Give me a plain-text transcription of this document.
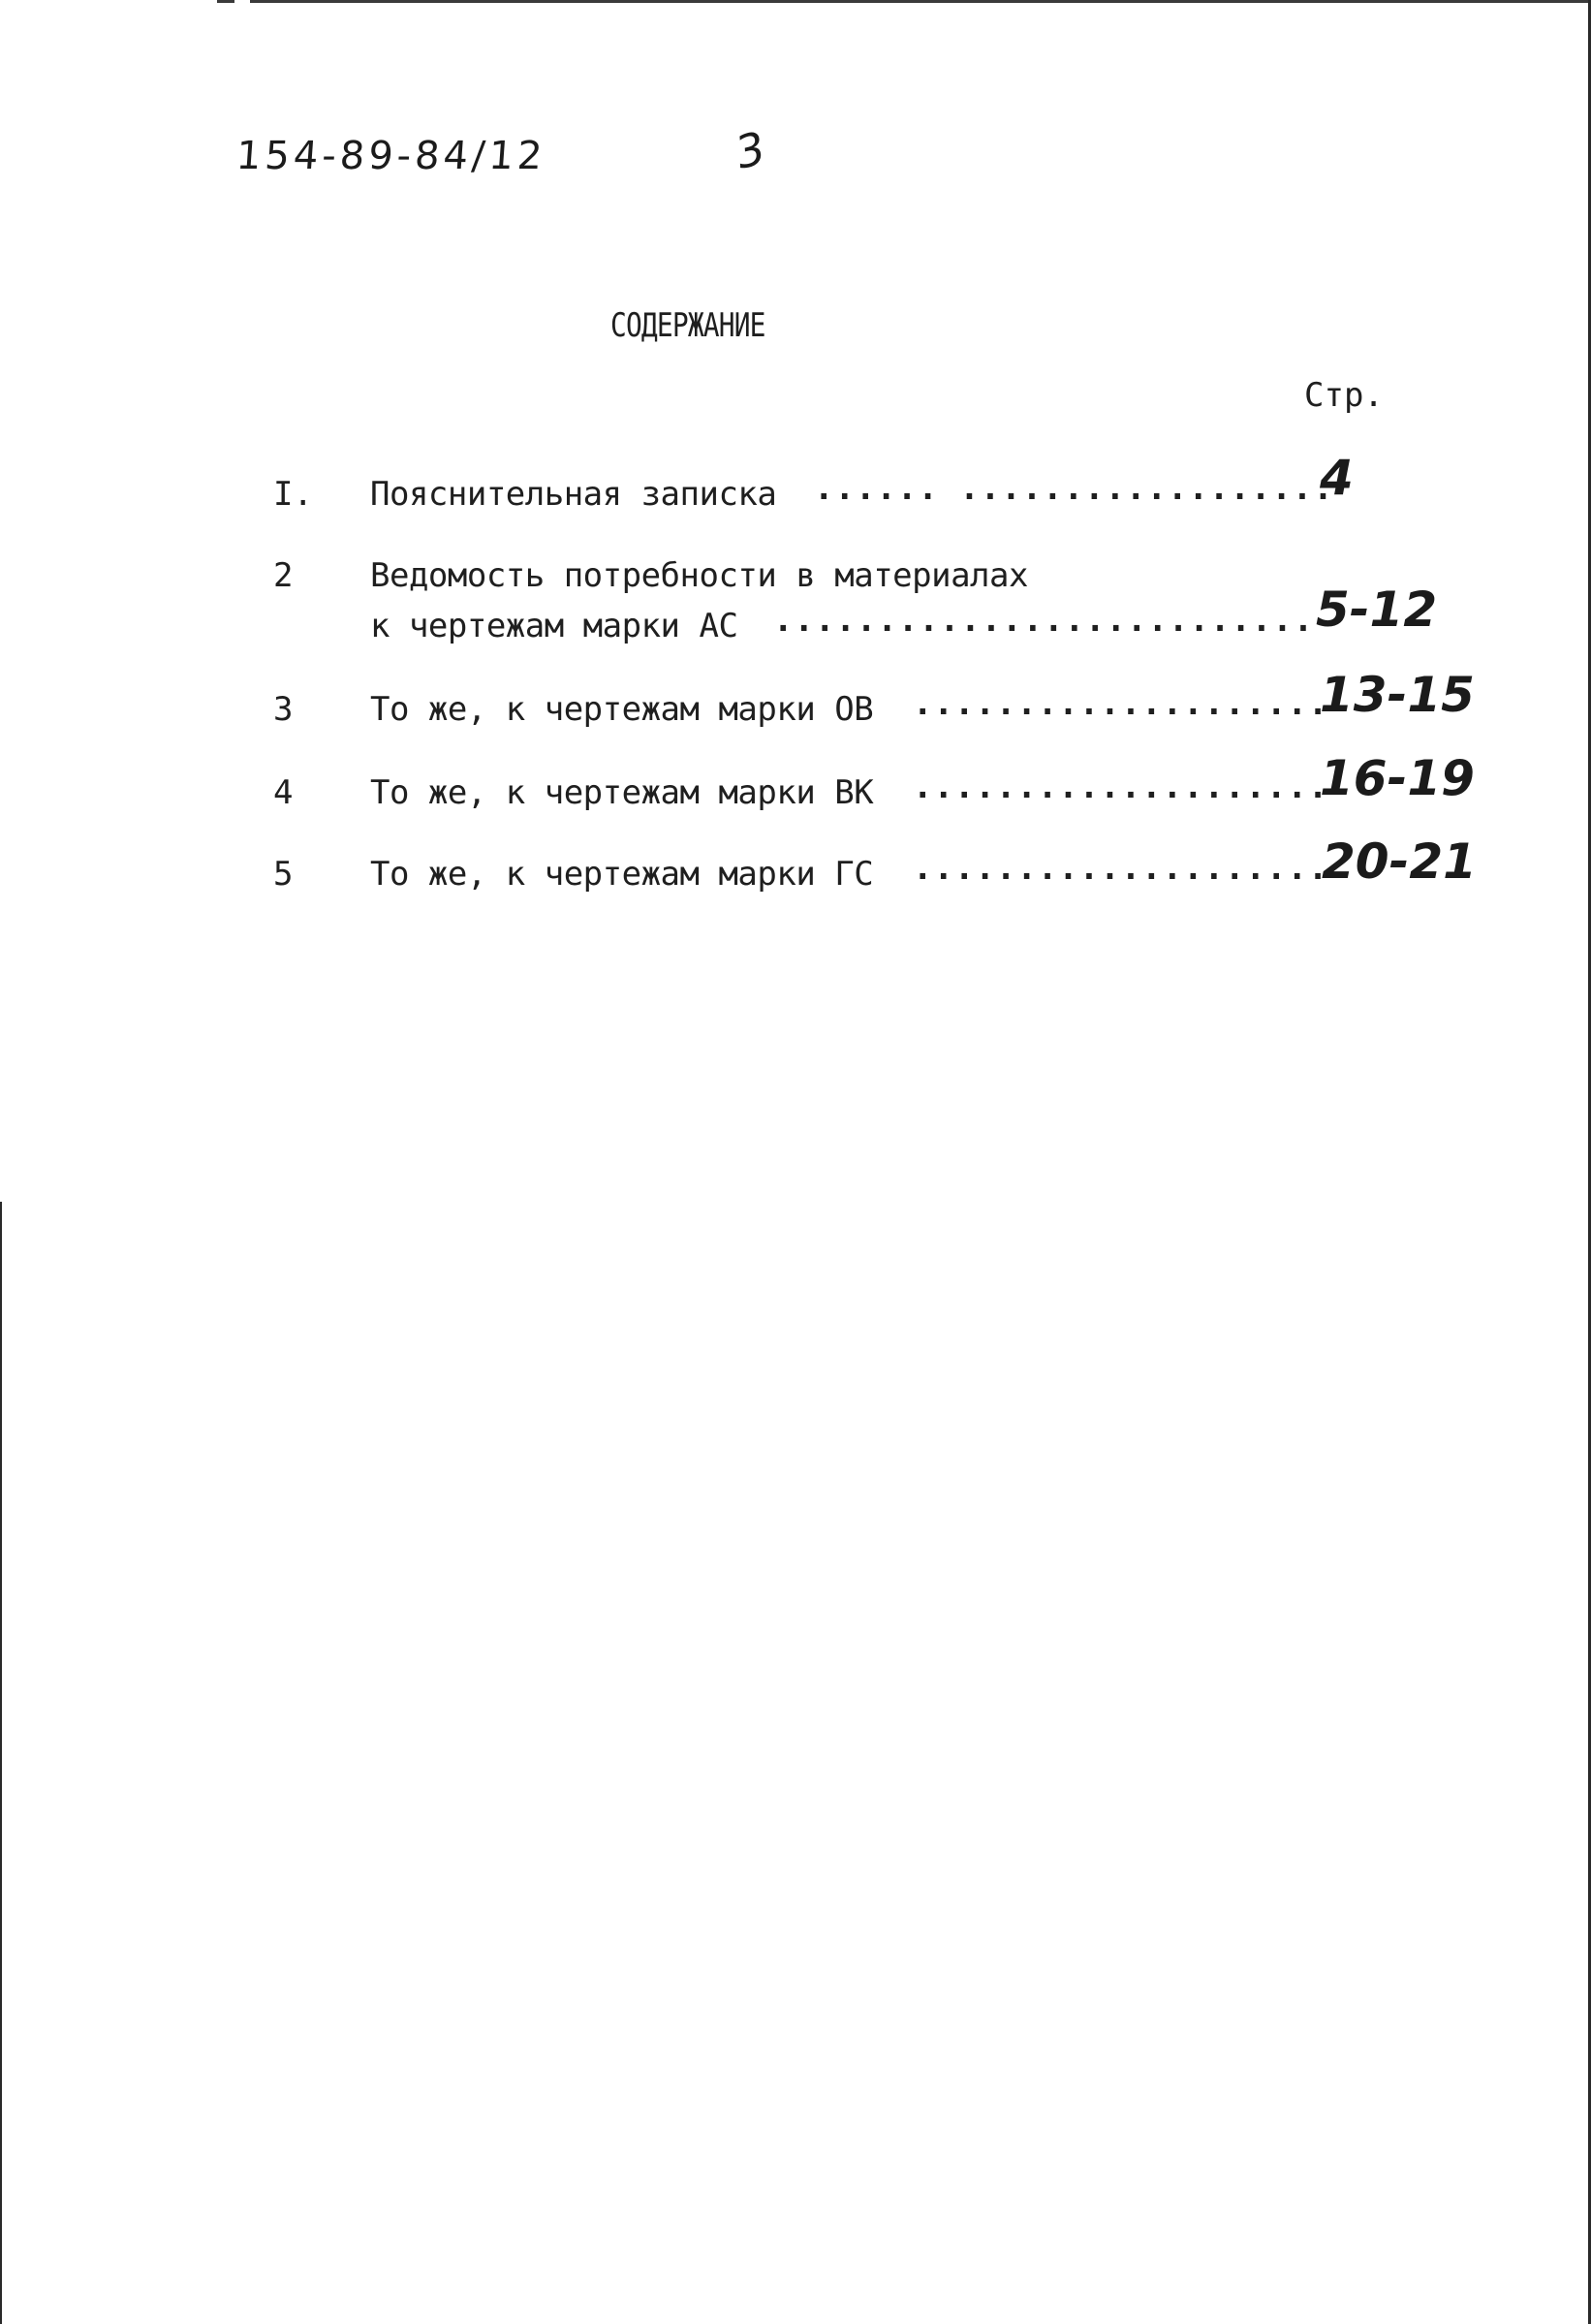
154-89-84/12	3
СОДЕРЖАНИЕ
Стр.
I. Пояснительная записка ...... ..................
4
2 Ведомость потребности в материалах
к чертежам марки АС .......................... 5-12
3 То же, к чертежам марки ОВ ....................
13-15
4 То же, к чертежам марки ВК ....................
16-19
5 То же, к чертежам марки ГС ....................
20-21
